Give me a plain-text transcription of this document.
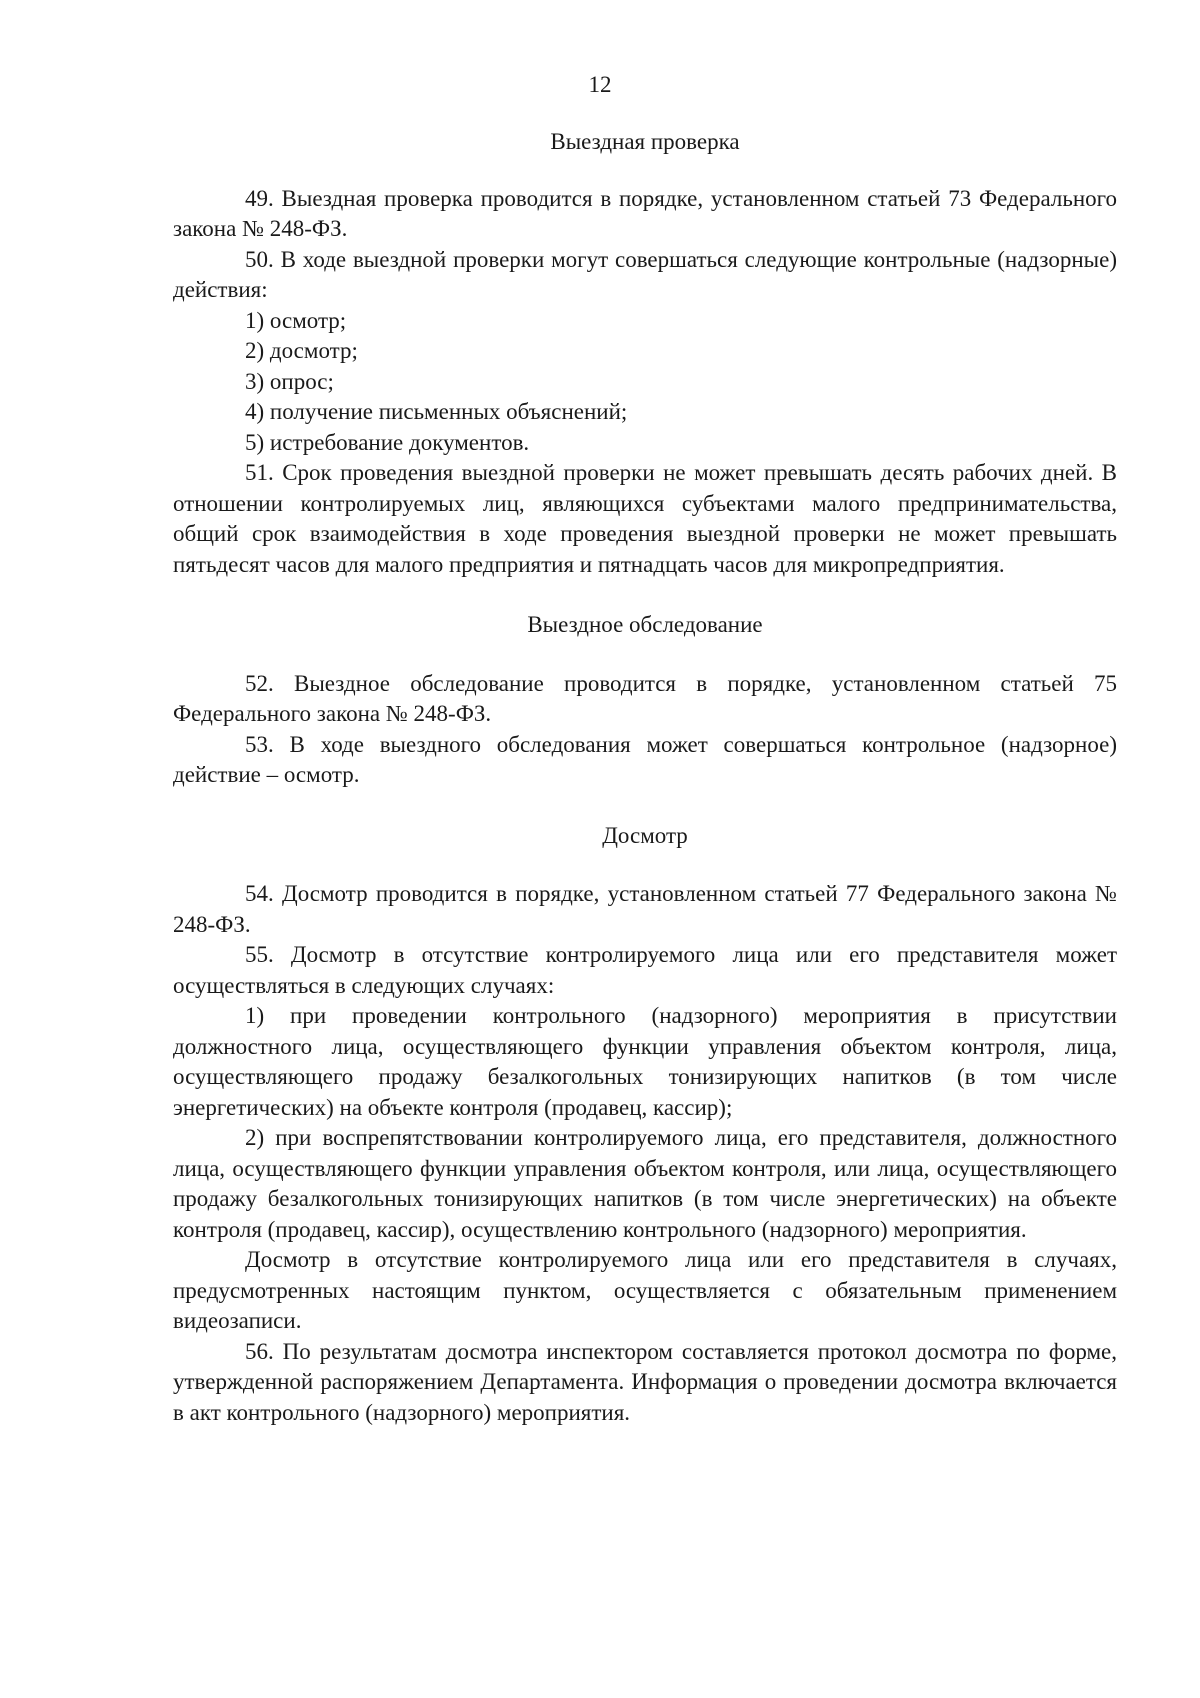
12
Выездная проверка

49. Выездная проверка проводится в порядке, установленном статьей 73 Федерального закона № 248-ФЗ.

50. В ходе выездной проверки могут совершаться следующие контрольные (надзорные) действия:

1) осмотр;
2) досмотр;
3) опрос;
4) получение письменных объяснений;
5) истребование документов.

51. Срок проведения выездной проверки не может превышать десять рабочих дней. В отношении контролируемых лиц, являющихся субъектами малого предпринимательства, общий срок взаимодействия в ходе проведения выездной проверки не может превышать пятьдесят часов для малого предприятия и пятнадцать часов для микропредприятия.

Выездное обследование

52. Выездное обследование проводится в порядке, установленном статьей 75 Федерального закона № 248-ФЗ.

53. В ходе выездного обследования может совершаться контрольное (надзорное) действие – осмотр.

Досмотр

54. Досмотр проводится в порядке, установленном статьей 77 Федерального закона № 248-ФЗ.

55. Досмотр в отсутствие контролируемого лица или его представителя может осуществляться в следующих случаях:

1) при проведении контрольного (надзорного) мероприятия в присутствии должностного лица, осуществляющего функции управления объектом контроля, лица, осуществляющего продажу безалкогольных тонизирующих напитков (в том числе энергетических) на объекте контроля (продавец, кассир);

2) при воспрепятствовании контролируемого лица, его представителя, должностного лица, осуществляющего функции управления объектом контроля, или лица, осуществляющего продажу безалкогольных тонизирующих напитков (в том числе энергетических) на объекте контроля (продавец, кассир), осуществлению контрольного (надзорного) мероприятия.

Досмотр в отсутствие контролируемого лица или его представителя в случаях, предусмотренных настоящим пунктом, осуществляется с обязательным применением видеозаписи.

56. По результатам досмотра инспектором составляется протокол досмотра по форме, утвержденной распоряжением Департамента. Информация о проведении досмотра включается в акт контрольного (надзорного) мероприятия.
